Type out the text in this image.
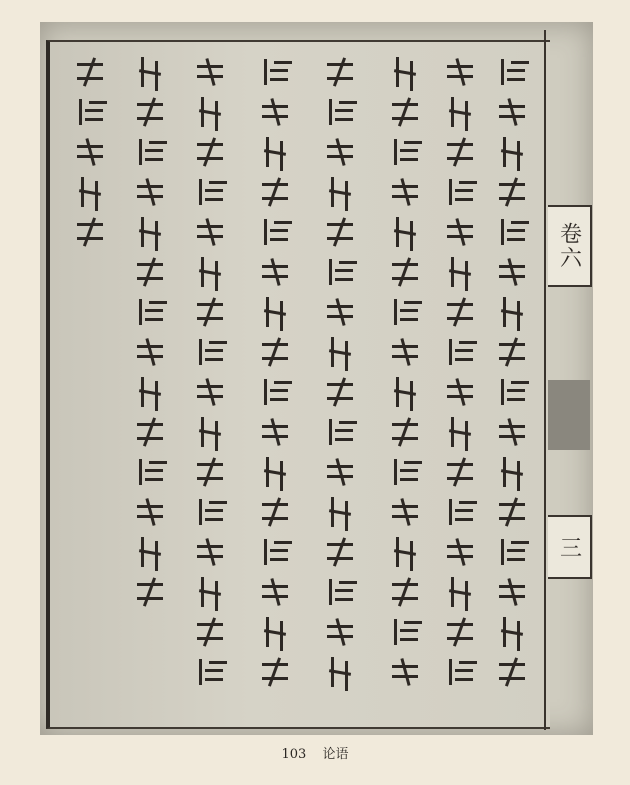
卷六
三
103 论语
